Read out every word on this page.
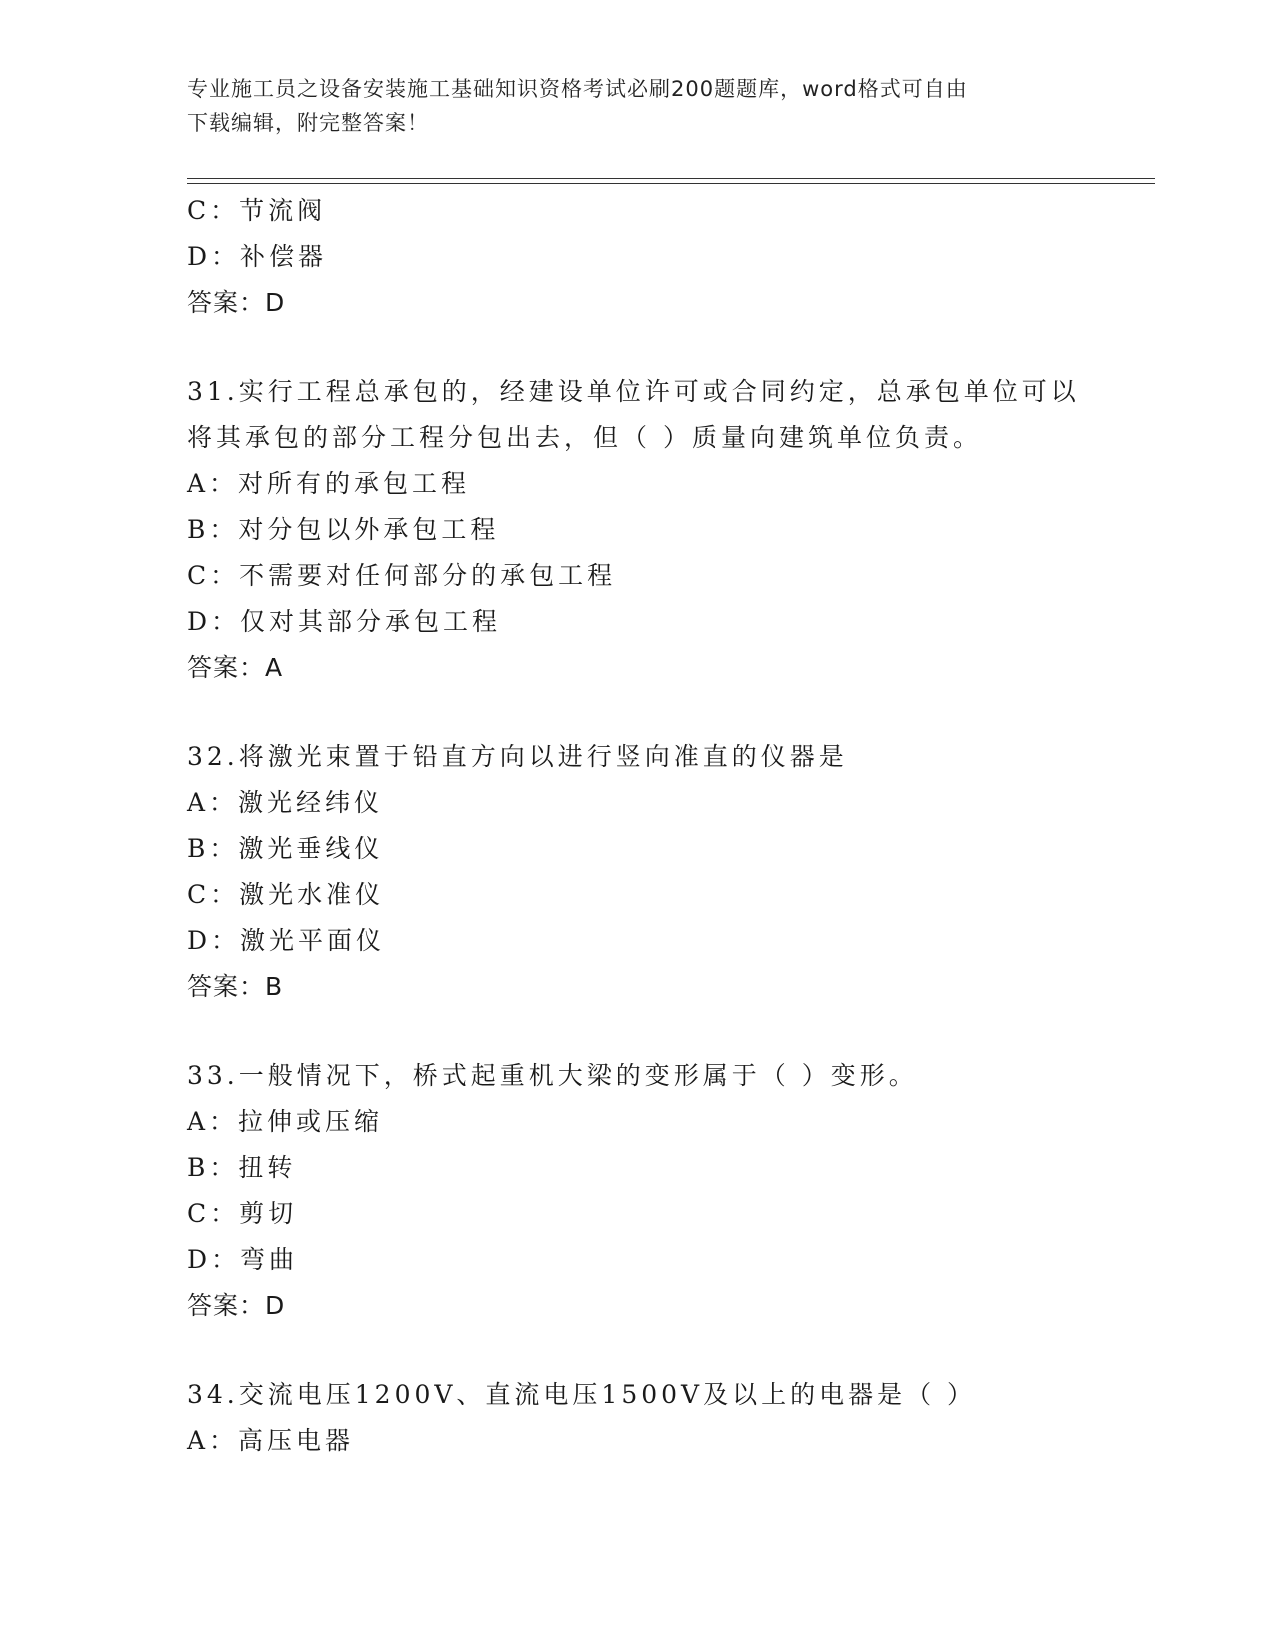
专业施工员之设备安装施工基础知识资格考试必刷200题题库，word格式可自由
下载编辑，附完整答案！
C：节流阀
D：补偿器
答案：D
31.实行工程总承包的，经建设单位许可或合同约定，总承包单位可以
将其承包的部分工程分包出去，但（ ）质量向建筑单位负责。
A：对所有的承包工程
B：对分包以外承包工程
C：不需要对任何部分的承包工程
D：仅对其部分承包工程
答案：A
32.将激光束置于铅直方向以进行竖向准直的仪器是
A：激光经纬仪
B：激光垂线仪
C：激光水准仪
D：激光平面仪
答案：B
33.一般情况下，桥式起重机大梁的变形属于（ ）变形。
A：拉伸或压缩
B：扭转
C：剪切
D：弯曲
答案：D
34.交流电压1200V、直流电压1500V及以上的电器是（ ）
A：高压电器
